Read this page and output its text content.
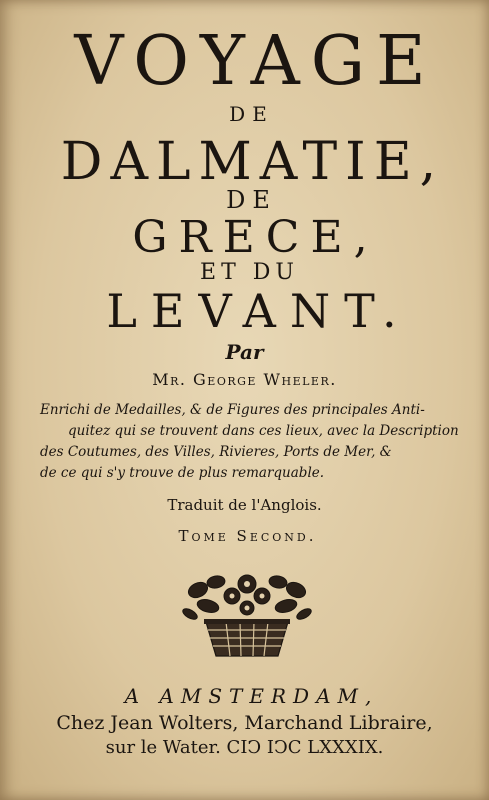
VOYAGE
DE
DALMATIE,
DE
GRECE,
ET DU
LEVANT.
Par
Mr. George Wheler.
Enrichi de Medailles, & de Figures des principales Anti-
quitez qui se trouvent dans ces lieux, avec la Description
des Coutumes, des Villes, Rivieres, Ports de Mer, &
de ce qui s'y trouve de plus remarquable.
Traduit de l'Anglois.
Tome Second.
A AMSTERDAM,
Chez Jean Wolters, Marchand Libraire,
sur le Water. CIϽ IϽC LXXXIX.
